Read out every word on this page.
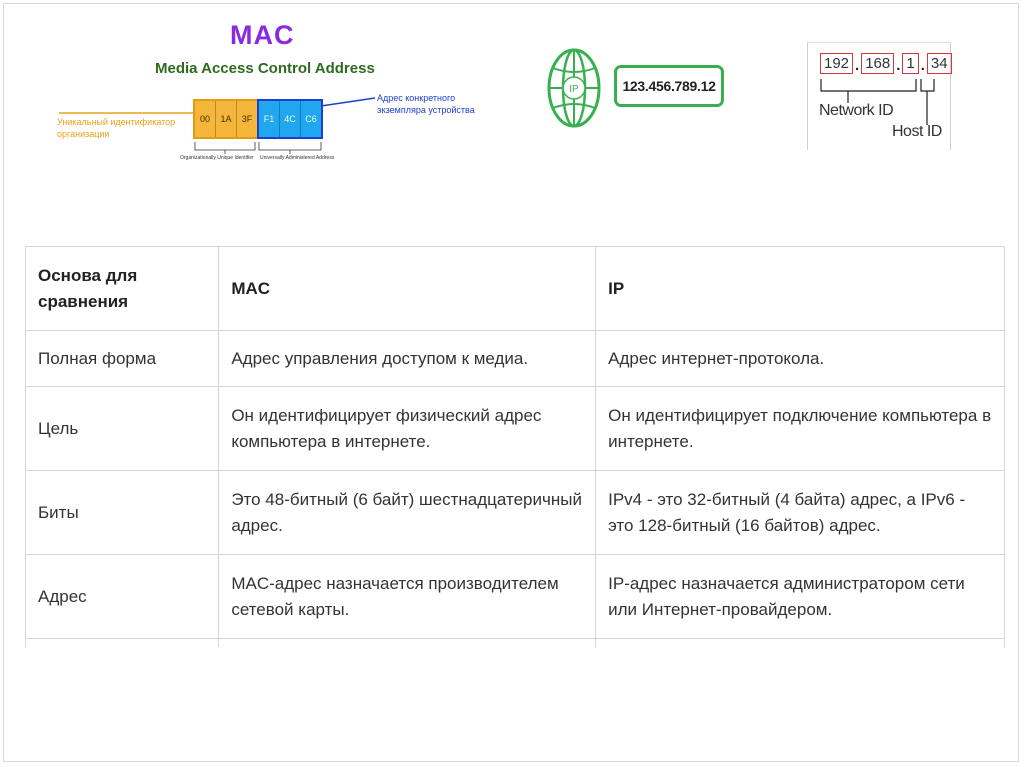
MAC
Media Access Control Address
00	1A	3F	F1	4C	C6
Уникальный идентификатор организации
Адрес конкретного экземпляра устройства
Organizationally Unique Identifier Universally Administered Address
IP	123.456.789.12
192 . 168 . 1 . 34
Network ID
Host ID
Основа для сравнения	MAC	IP
Полная форма	Адрес управления доступом к медиа.	Адрес интернет-протокола.
Цель	Он идентифицирует физический адрес компьютера в интернете.	Он идентифицирует подключение компьютера в интернете.
Биты	Это 48-битный (6 байт) шестнадцатеричный адрес.	IPv4 - это 32-битный (4 байта) адрес, а IPv6 - это 128-битный (16 байтов) адрес.
Адрес	MAC-адрес назначается производителем сетевой карты.	IP-адрес назначается администратором сети или Интернет-провайдером.
